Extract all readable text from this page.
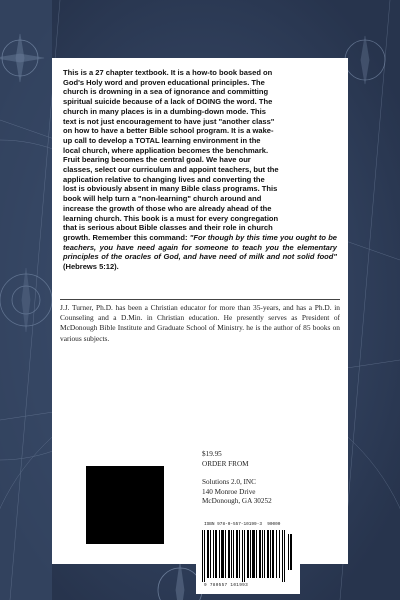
This is a 27 chapter textbook. It is a how-to book based on
God's Holy word and proven educational principles. The
church is drowning in a sea of ignorance and committing
spiritual suicide because of a lack of DOING the word. The
church in many places is in a dumbing-down mode. This
text is not just encouragement to have just "another class"
on how to have a better Bible school program. It is a wake-
up call to develop a TOTAL learning environment in the
local church, where application becomes the benchmark.
Fruit bearing becomes the central goal. We have our
classes, select our curriculum and appoint teachers, but the
application relative to changing lives and converting the
lost is obviously absent in many Bible class programs. This
book will help turn a "non-learning" church around and
increase the growth of those who are already ahead of the
learning church. This book is a must for every congregation
that is serious about Bible classes and their role in church
growth. Remember this command: "For though by this time you ought to be teachers, you have need again for someone to teach you the elementary principles of the oracles of God, and have need of milk and not solid food" (Hebrews 5:12).

J.J. Turner, Ph.D. has been a Christian educator for more than 35-years, and has a Ph.D. in Counseling and a D.Min. in Christian education. He presently serves as President of McDonough Bible Institute and Graduate School of Ministry. he is the author of 85 books on various subjects.

$19.95
ORDER FROM
Solutions 2.0, INC
140 Monroe Drive
McDonough, GA 30252

ISBN 978-0-557-10199-3 90000
9 780557 101993
